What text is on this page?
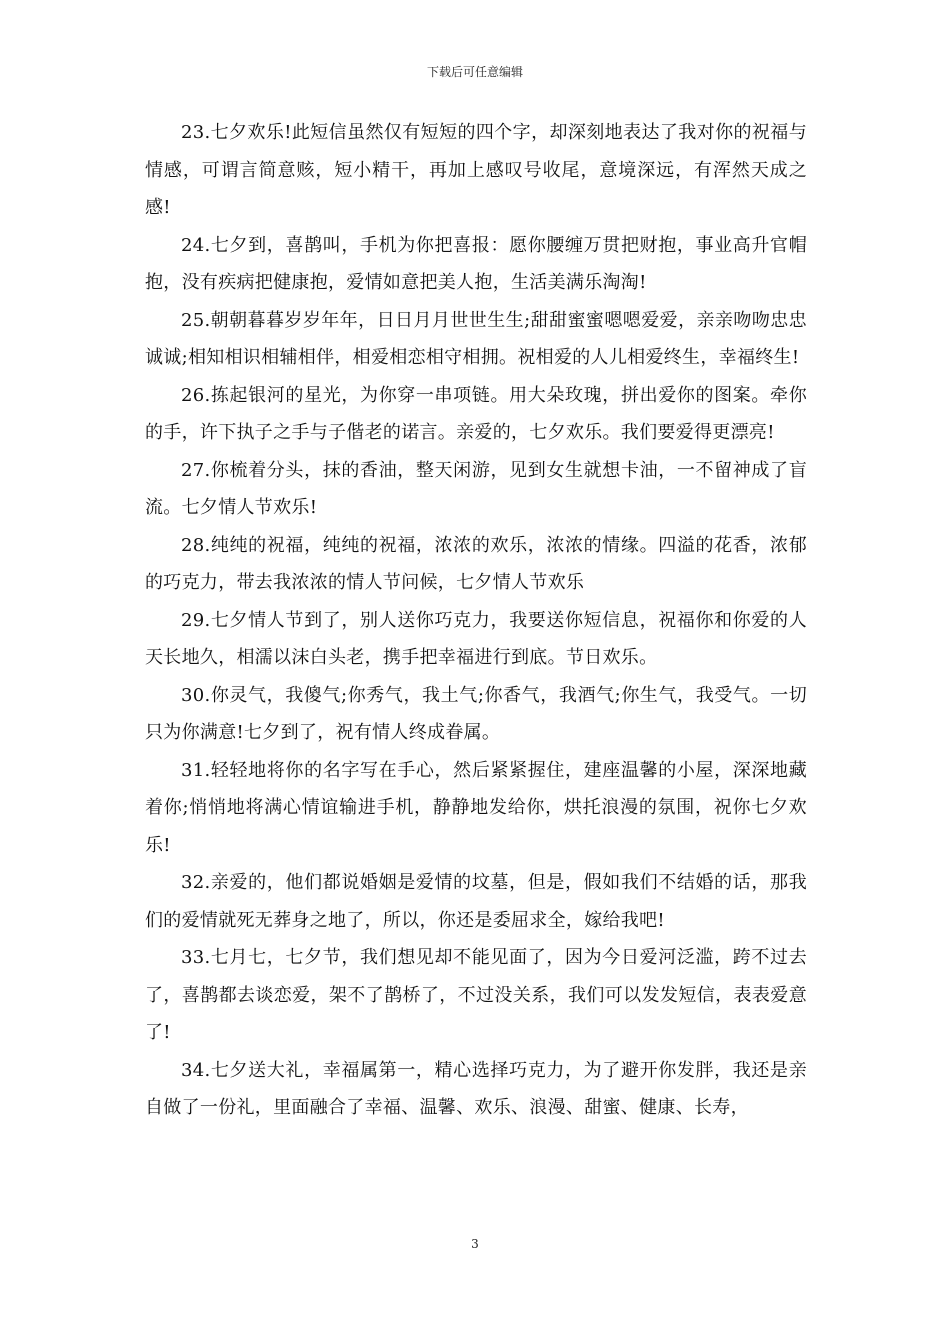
下载后可任意编辑

23.七夕欢乐!此短信虽然仅有短短的四个字，却深刻地表达了我对你的祝福与情感，可谓言简意赅，短小精干，再加上感叹号收尾，意境深远，有浑然天成之感!

24.七夕到，喜鹊叫，手机为你把喜报：愿你腰缠万贯把财抱，事业高升官帽抱，没有疾病把健康抱，爱情如意把美人抱，生活美满乐淘淘!

25.朝朝暮暮岁岁年年，日日月月世世生生;甜甜蜜蜜嗯嗯爱爱，亲亲吻吻忠忠诚诚;相知相识相辅相伴，相爱相恋相守相拥。祝相爱的人儿相爱终生，幸福终生!

26.拣起银河的星光，为你穿一串项链。用大朵玫瑰，拼出爱你的图案。牵你的手，许下执子之手与子偕老的诺言。亲爱的，七夕欢乐。我们要爱得更漂亮!

27.你梳着分头，抹的香油，整天闲游，见到女生就想卡油，一不留神成了盲流。七夕情人节欢乐!

28.纯纯的祝福，纯纯的祝福，浓浓的欢乐，浓浓的情缘。四溢的花香，浓郁的巧克力，带去我浓浓的情人节问候，七夕情人节欢乐

29.七夕情人节到了，别人送你巧克力，我要送你短信息，祝福你和你爱的人天长地久，相濡以沫白头老，携手把幸福进行到底。节日欢乐。

30.你灵气，我傻气;你秀气，我土气;你香气，我酒气;你生气，我受气。一切只为你满意!七夕到了，祝有情人终成眷属。

31.轻轻地将你的名字写在手心，然后紧紧握住，建座温馨的小屋，深深地藏着你;悄悄地将满心情谊输进手机，静静地发给你，烘托浪漫的氛围，祝你七夕欢乐!

32.亲爱的，他们都说婚姻是爱情的坟墓，但是，假如我们不结婚的话，那我们的爱情就死无葬身之地了，所以，你还是委屈求全，嫁给我吧!

33.七月七，七夕节，我们想见却不能见面了，因为今日爱河泛滥，跨不过去了，喜鹊都去谈恋爱，架不了鹊桥了，不过没关系，我们可以发发短信，表表爱意了!

34.七夕送大礼，幸福属第一，精心选择巧克力，为了避开你发胖，我还是亲自做了一份礼，里面融合了幸福、温馨、欢乐、浪漫、甜蜜、健康、长寿，

3
